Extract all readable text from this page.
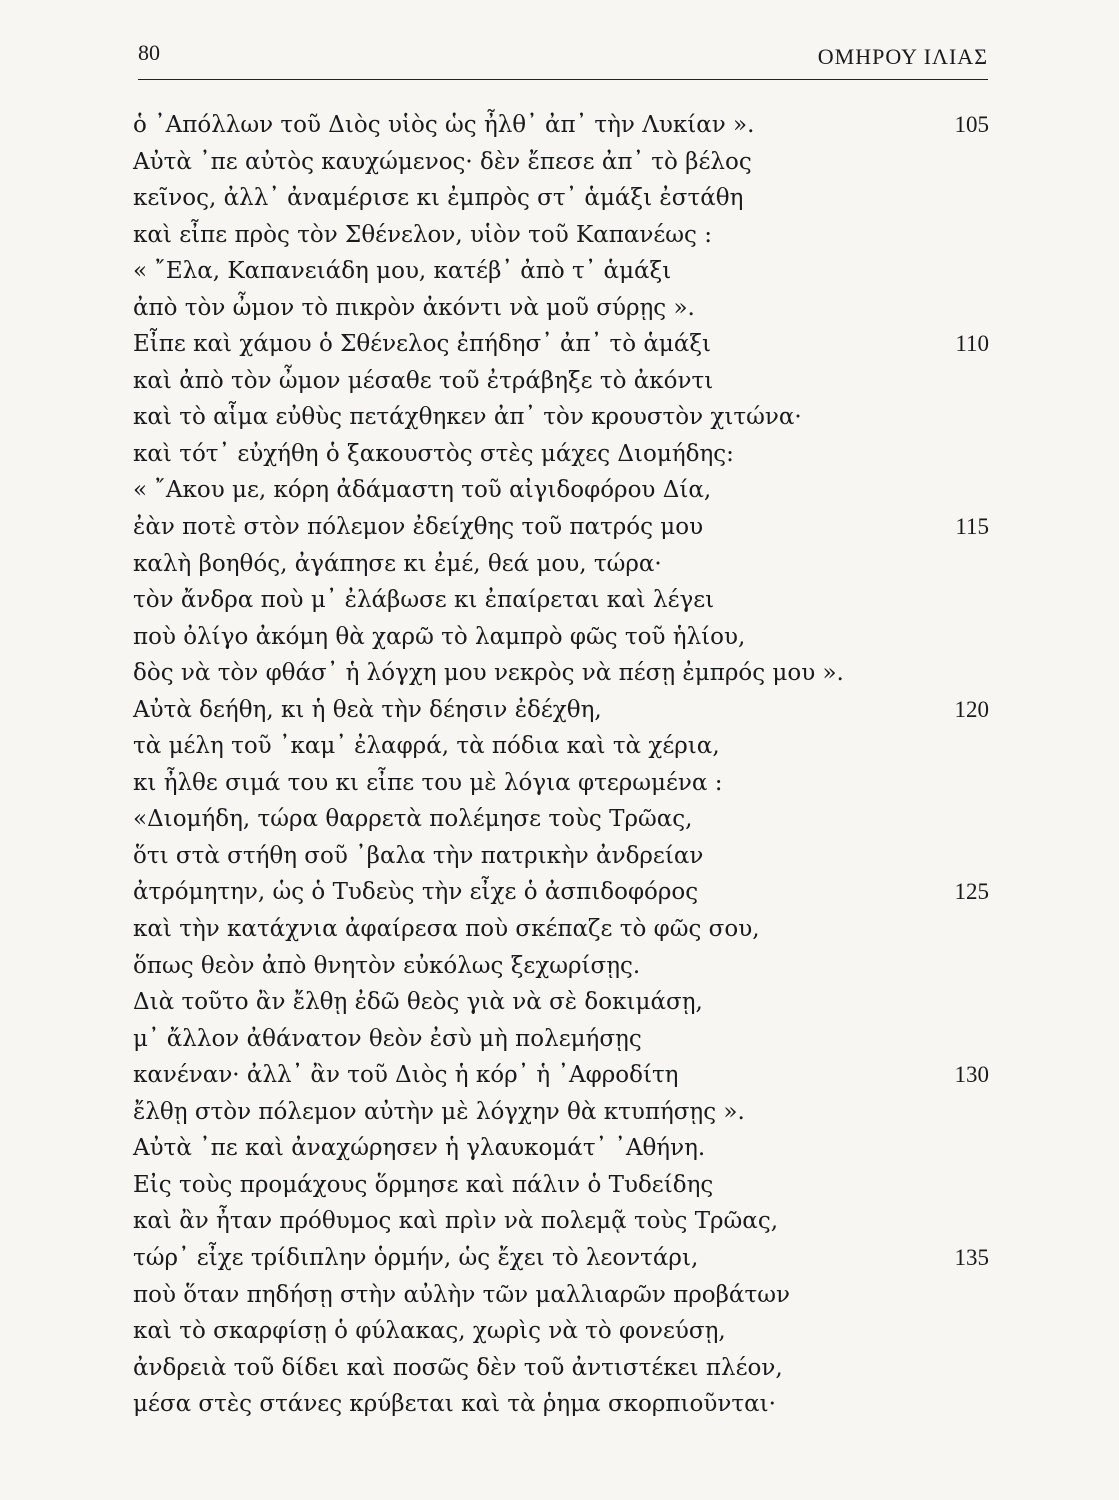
80	ΟΜΗΡΟΥ ΙΛΙΑΣ
ὁ ᾿Απόλλων τοῦ Διὸς υἱὸς ὡς ἦλθ᾿ ἀπ᾿ τὴν Λυκίαν ».	105
Αὐτὰ ᾿πε αὐτὸς καυχώμενος· δὲν ἔπεσε ἀπ᾿ τὸ βέλος
κεῖνος, ἀλλ᾿ ἀναμέρισε κι ἐμπρὸς στ᾿ ἁμάξι ἐστάθη
καὶ εἶπε πρὸς τὸν Σθένελον, υἱὸν τοῦ Καπανέως :
« ῎Ελα, Καπανειάδη μου, κατέβ᾿ ἀπὸ τ᾿ ἁμάξι
ἀπὸ τὸν ὦμον τὸ πικρὸν ἀκόντι νὰ μοῦ σύρῃς ».
Εἶπε καὶ χάμου ὁ Σθένελος ἐπήδησ᾿ ἀπ᾿ τὸ ἁμάξι	110
καὶ ἀπὸ τὸν ὦμον μέσαθε τοῦ ἐτράβηξε τὸ ἀκόντι
καὶ τὸ αἷμα εὐθὺς πετάχθηκεν ἀπ᾿ τὸν κρουστὸν χιτώνα·
καὶ τότ᾿ εὐχήθη ὁ ξακουστὸς στὲς μάχες Διομήδης:
« ῎Ακου με, κόρη ἀδάμαστη τοῦ αἰγιδοφόρου Δία,
ἐὰν ποτὲ στὸν πόλεμον ἐδείχθης τοῦ πατρός μου	115
καλὴ βοηθός, ἀγάπησε κι ἐμέ, θεά μου, τώρα·
τὸν ἄνδρα ποὺ μ᾿ ἐλάβωσε κι ἐπαίρεται καὶ λέγει
ποὺ ὀλίγο ἀκόμη θὰ χαρῶ τὸ λαμπρὸ φῶς τοῦ ἡλίου,
δὸς νὰ τὸν φθάσ᾿ ἡ λόγχη μου νεκρὸς νὰ πέσῃ ἐμπρός μου ».
Αὐτὰ δεήθη, κι ἡ θεὰ τὴν δέησιν ἐδέχθη,	120
τὰ μέλη τοῦ ᾿καμ᾿ ἐλαφρά, τὰ πόδια καὶ τὰ χέρια,
κι ἦλθε σιμά του κι εἶπε του μὲ λόγια φτερωμένα :
«Διομήδη, τώρα θαρρετὰ πολέμησε τοὺς Τρῶας,
ὅτι στὰ στήθη σοῦ ᾿βαλα τὴν πατρικὴν ἀνδρείαν
ἀτρόμητην, ὡς ὁ Τυδεὺς τὴν εἶχε ὁ ἀσπιδοφόρος	125
καὶ τὴν κατάχνια ἀφαίρεσα ποὺ σκέπαζε τὸ φῶς σου,
ὅπως θεὸν ἀπὸ θνητὸν εὐκόλως ξεχωρίσῃς.
Διὰ τοῦτο ἂν ἔλθῃ ἐδῶ θεὸς γιὰ νὰ σὲ δοκιμάσῃ,
μ᾿ ἄλλον ἀθάνατον θεὸν ἐσὺ μὴ πολεμήσῃς
κανέναν· ἀλλ᾿ ἂν τοῦ Διὸς ἡ κόρ᾿ ἡ ᾿Αφροδίτη	130
ἔλθῃ στὸν πόλεμον αὐτὴν μὲ λόγχην θὰ κτυπήσῃς ».
Αὐτὰ ᾿πε καὶ ἀναχώρησεν ἡ γλαυκομάτ᾿ ᾿Αθήνη.
Εἰς τοὺς προμάχους ὅρμησε καὶ πάλιν ὁ Τυδείδης
καὶ ἂν ἦταν πρόθυμος καὶ πρὶν νὰ πολεμᾷ τοὺς Τρῶας,
τώρ᾿ εἶχε τρίδιπλην ὁρμήν, ὡς ἔχει τὸ λεοντάρι,	135
ποὺ ὅταν πηδήσῃ στὴν αὐλὴν τῶν μαλλιαρῶν προβάτων
καὶ τὸ σκαρφίσῃ ὁ φύλακας, χωρὶς νὰ τὸ φονεύσῃ,
ἀνδρειὰ τοῦ δίδει καὶ ποσῶς δὲν τοῦ ἀντιστέκει πλέον,
μέσα στὲς στάνες κρύβεται καὶ τὰ ῥημα σκορπιοῦνται·
